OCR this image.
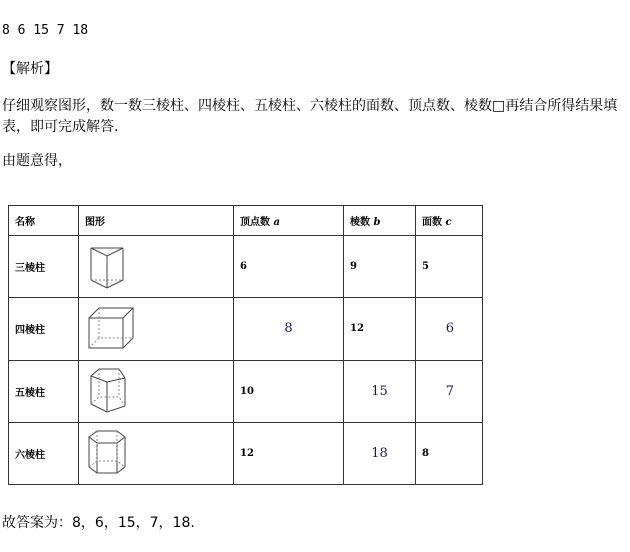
8 6 15 7 18
【解析】
仔细观察图形，数一数三棱柱、四棱柱、五棱柱、六棱柱的面数、顶点数、棱数□再结合所得结果填表，即可完成解答.
由题意得，
名称	图形	顶点数 a	棱数 b	面数 c
三棱柱		6	9	5
四棱柱		8	12	6
五棱柱		10	15	7
六棱柱		12	18	8
故答案为：8，6，15，7，18.
